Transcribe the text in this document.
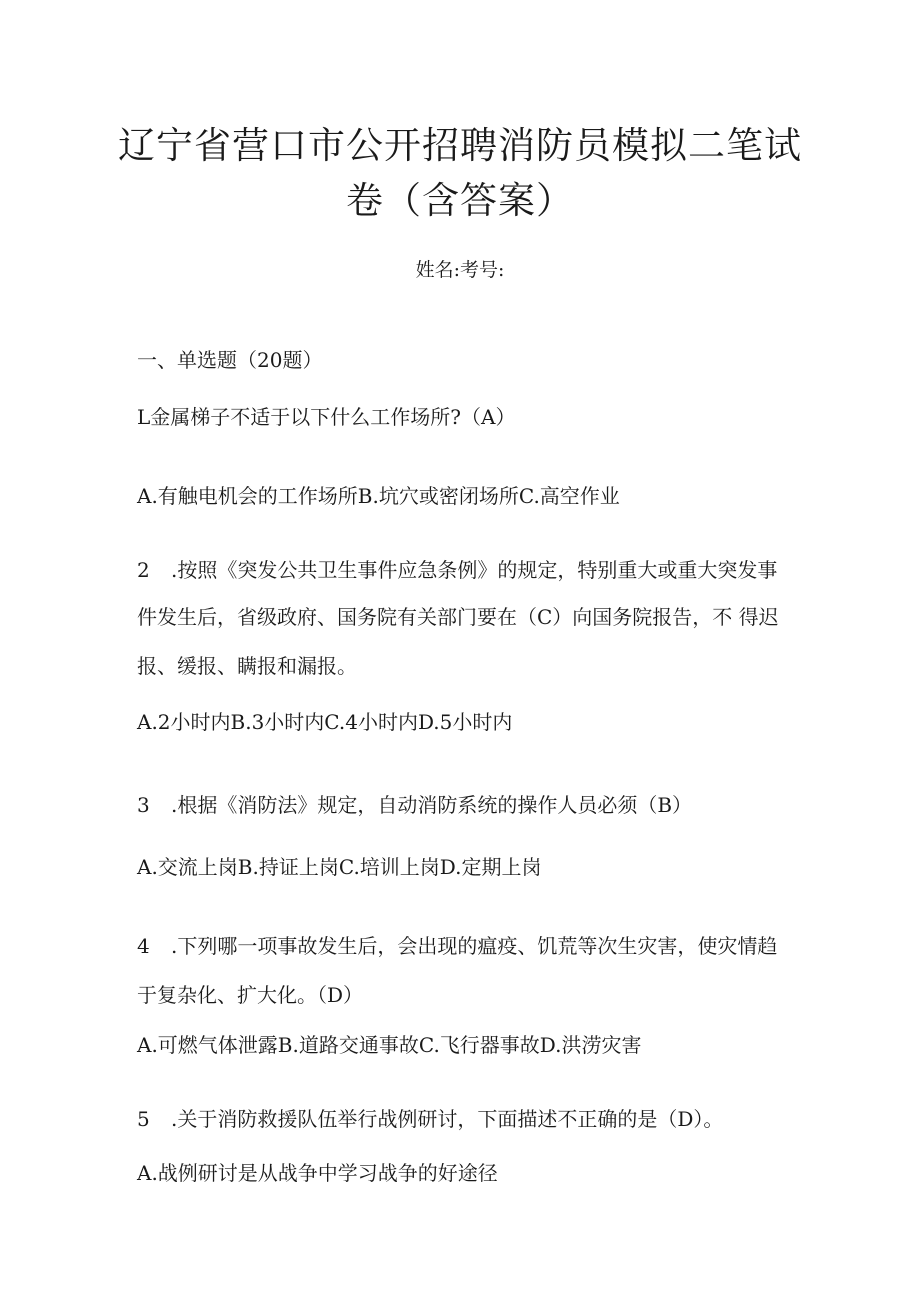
辽宁省营口市公开招聘消防员模拟二笔试
卷（含答案）
姓名:考号:
一、单选题（20题）
L金属梯子不适于以下什么工作场所?（A）
A.有触电机会的工作场所B.坑穴或密闭场所C.高空作业
2 .按照《突发公共卫生事件应急条例》的规定，特别重大或重大突发事
件发生后，省级政府、国务院有关部门要在（C）向国务院报告，不 得迟
报、缓报、瞒报和漏报。
A.2小时内B.3小时内C.4小时内D.5小时内
3 .根据《消防法》规定，自动消防系统的操作人员必须（B）
A.交流上岗B.持证上岗C.培训上岗D.定期上岗
4 .下列哪一项事故发生后，会出现的瘟疫、饥荒等次生灾害，使灾情趋
于复杂化、扩大化。（D）
A.可燃气体泄露B.道路交通事故C.飞行器事故D.洪涝灾害
5 .关于消防救援队伍举行战例研讨，下面描述不正确的是（D）。
A.战例研讨是从战争中学习战争的好途径
